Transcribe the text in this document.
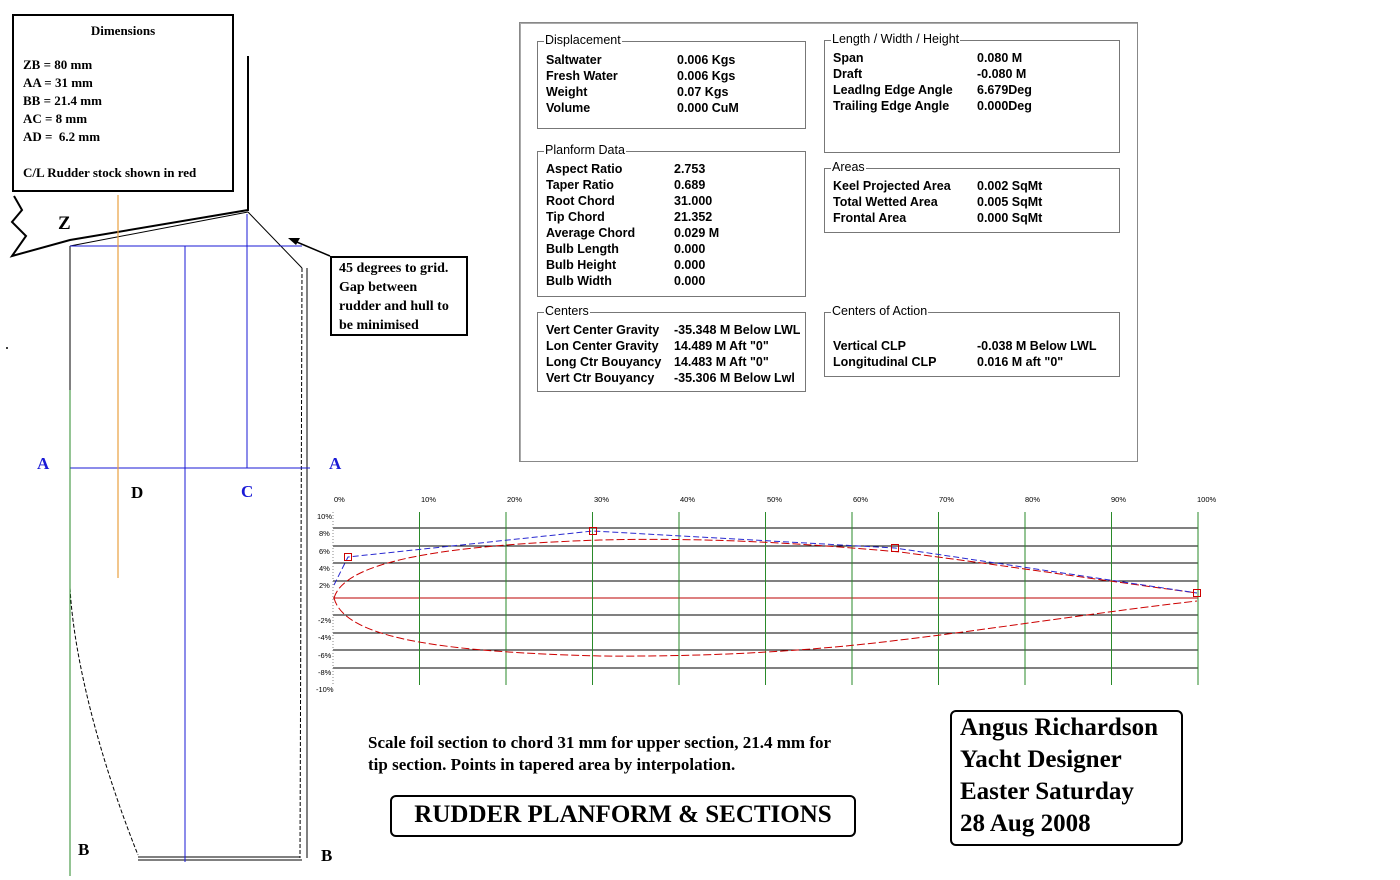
Z
A	A
D	C
B	B
Dimensions
ZB = 80 mm
AA = 31 mm
BB = 21.4 mm
AC = 8 mm
AD =  6.2 mm
C/L Rudder stock shown in red
45 degrees to grid.
Gap between
rudder and hull to
be minimised
Displacement
Saltwater	0.006 Kgs
Fresh Water	0.006 Kgs
Weight	0.07 Kgs
Volume	0.000 CuM
Length / Width / Height
Span	0.080 M
Draft	-0.080 M
Leadlng Edge Angle 6.679Deg
Trailing Edge Angle 0.000Deg
Planform Data
Aspect Ratio	2.753
Taper Ratio	0.689
Root Chord	31.000
Tip Chord	21.352
Average Chord	0.029 M
Bulb Length	0.000
Bulb Height	0.000
Bulb Width	0.000
Areas
Keel Projected Area 0.002 SqMt
Total Wetted Area	0.005 SqMt
Frontal Area	0.000 SqMt
Centers
Vert Center Gravity -35.348 M Below LWL
Lon Center Gravity 14.489 M Aft "0"
Long Ctr Bouyancy 14.483 M Aft "0"
Vert Ctr Bouyancy -35.306 M Below Lwl
Centers of Action
Vertical CLP	-0.038 M Below LWL
Longitudinal CLP	0.016 M aft "0"
0%	10%	20%	30%	40%	50%	60%	70%	80%	90%	100%
10%
8%
6%
4%
2%
-2%
-4%
-6%
-8%
-10%
Scale foil section to chord 31 mm for upper section, 21.4 mm for
tip section. Points in tapered area by interpolation.
RUDDER PLANFORM & SECTIONS
Angus Richardson
Yacht Designer
Easter Saturday
28 Aug 2008
